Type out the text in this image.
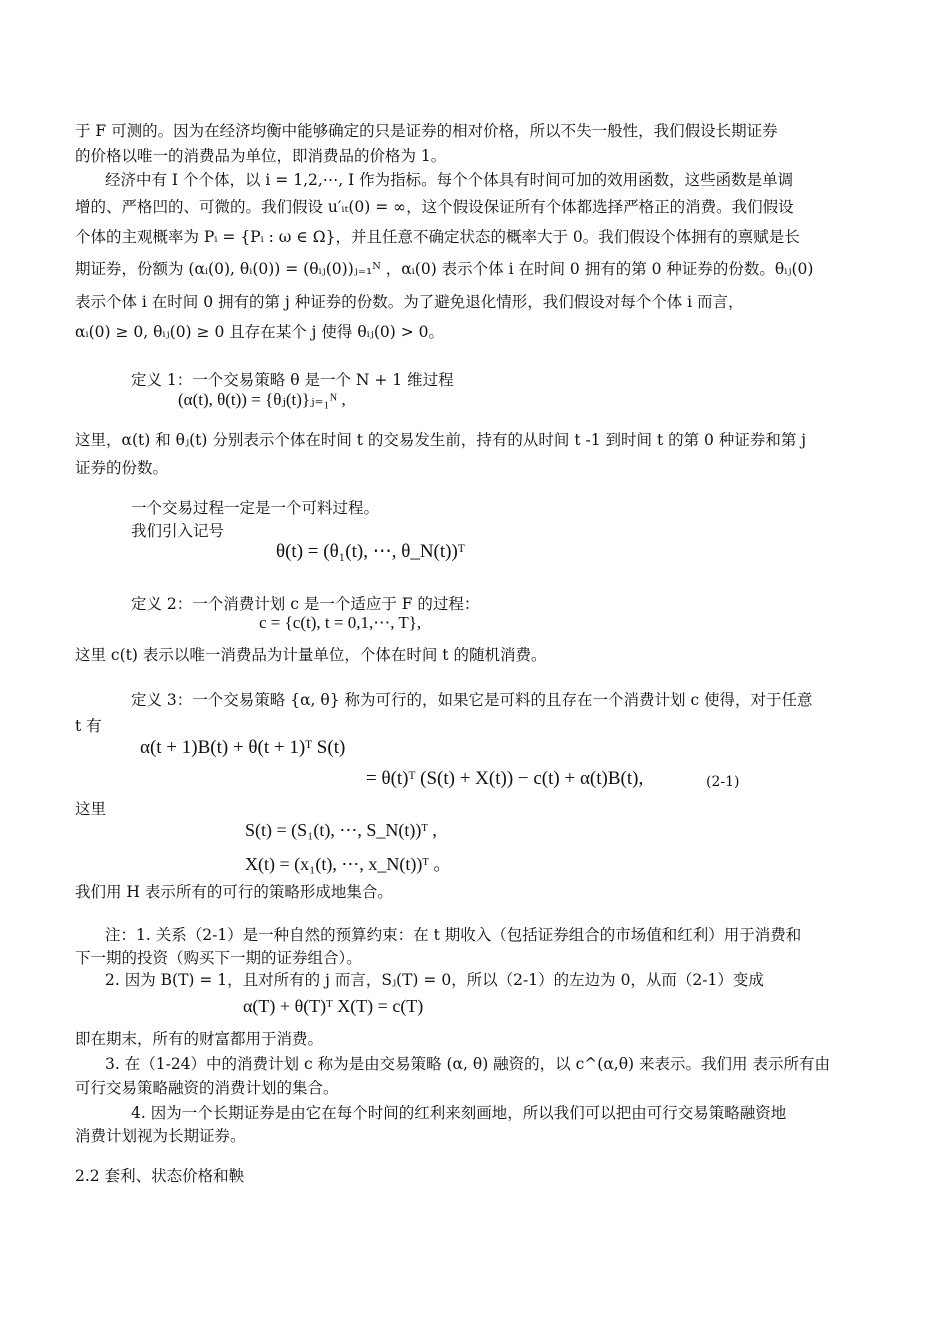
于 F 可测的。因为在经济均衡中能够确定的只是证券的相对价格，所以不失一般性，我们假设长期证券
的价格以唯一的消费品为单位，即消费品的价格为 1。
经济中有 I 个个体，以 i = 1,2,⋯, I 作为指标。每个个体具有时间可加的效用函数，这些函数是单调
增的、严格凹的、可微的。我们假设 u′ᵢₜ(0) = ∞，这个假设保证所有个体都选择严格正的消费。我们假设
个体的主观概率为 Pᵢ = {Pᵢ : ω ∈ Ω}，并且任意不确定状态的概率大于 0。我们假设个体拥有的禀赋是长
期证券，份额为 (αᵢ(0), θᵢ(0)) = (θᵢⱼ(0))ⱼ₌₁ᴺ ，αᵢ(0) 表示个体 i 在时间 0 拥有的第 0 种证券的份数。θᵢⱼ(0)
表示个体 i 在时间 0 拥有的第 j 种证券的份数。为了避免退化情形，我们假设对每个个体 i 而言，
αᵢ(0) ≥ 0, θᵢⱼ(0) ≥ 0 且存在某个 j 使得 θᵢⱼ(0) > 0。
定义 1：一个交易策略 θ 是一个 N + 1 维过程
(α(t), θ(t)) = {θⱼ(t)}ⱼ₌₁ᴺ ,
这里，α(t) 和 θⱼ(t) 分别表示个体在时间 t 的交易发生前，持有的从时间 t -1 到时间 t 的第 0 种证券和第 j
证券的份数。
一个交易过程一定是一个可料过程。
我们引入记号
θ(t) = (θ₁(t), ⋯, θ_N(t))ᵀ
定义 2：一个消费计划 c 是一个适应于 F 的过程：
c = {c(t), t = 0,1,⋯, T},
这里 c(t) 表示以唯一消费品为计量单位，个体在时间 t 的随机消费。
定义 3：一个交易策略 {α, θ} 称为可行的，如果它是可料的且存在一个消费计划 c 使得，对于任意
t 有
α(t + 1)B(t) + θ(t + 1)ᵀ S(t)
= θ(t)ᵀ (S(t) + X(t)) − c(t) + α(t)B(t),	(2-1)
这里
S(t) = (S₁(t), ⋯, S_N(t))ᵀ ,
X(t) = (x₁(t), ⋯, x_N(t))ᵀ 。
我们用 H 表示所有的可行的策略形成地集合。
注：1. 关系（2-1）是一种自然的预算约束：在 t 期收入（包括证券组合的市场值和红利）用于消费和
下一期的投资（购买下一期的证券组合）。
2. 因为 B(T) = 1，且对所有的 j 而言，Sⱼ(T) = 0，所以（2-1）的左边为 0，从而（2-1）变成
α(T) + θ(T)ᵀ X(T) = c(T)
即在期末，所有的财富都用于消费。
3. 在（1-24）中的消费计划 c 称为是由交易策略 (α, θ) 融资的，以 c^(α,θ) 来表示。我们用 表示所有由
可行交易策略融资的消费计划的集合。
4. 因为一个长期证券是由它在每个时间的红利来刻画地，所以我们可以把由可行交易策略融资地
消费计划视为长期证券。
2.2 套利、状态价格和鞅
